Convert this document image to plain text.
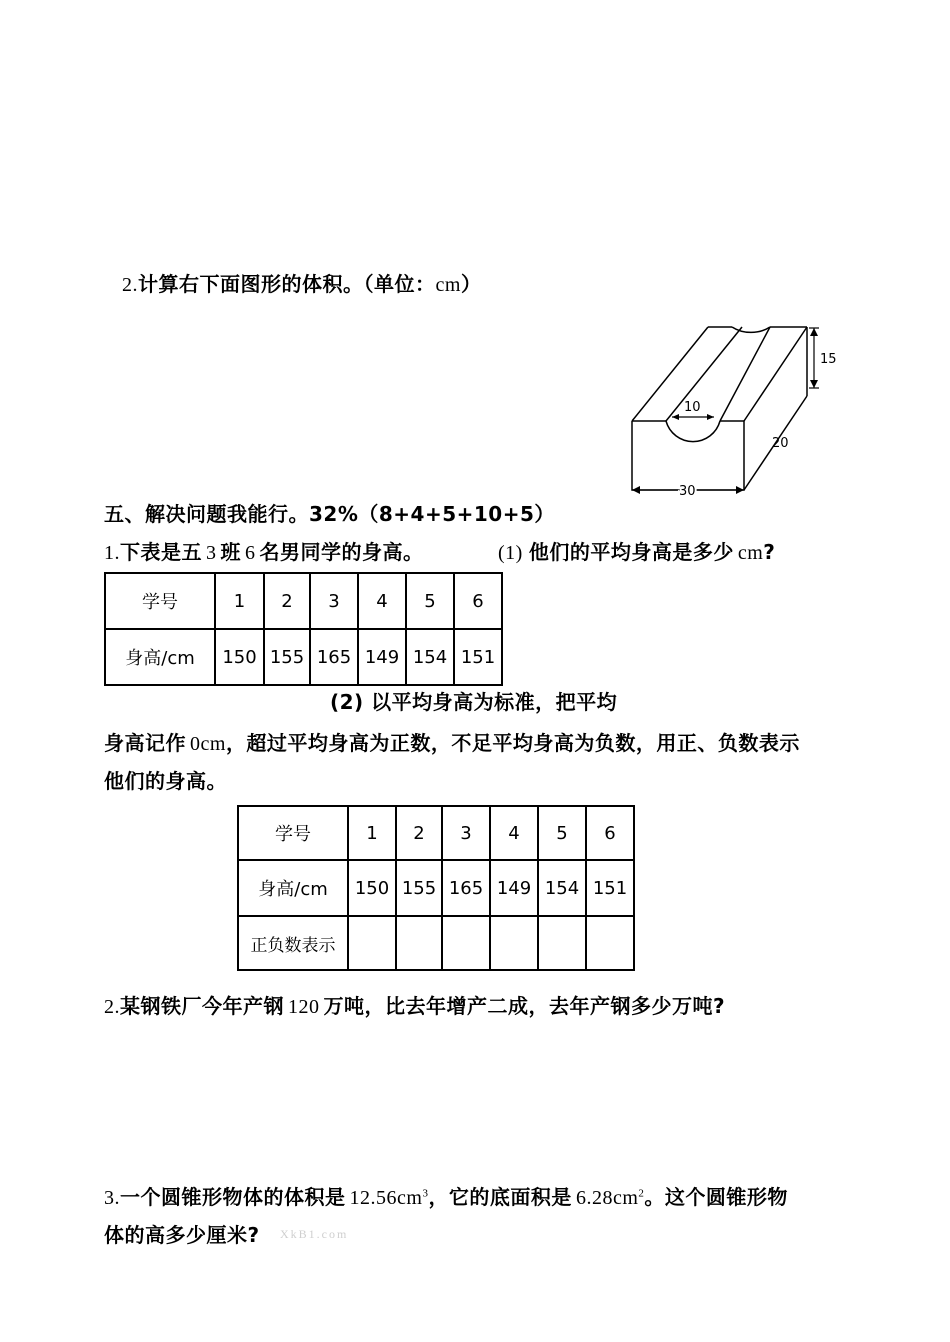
2.计算右下面图形的体积。（单位：cm）
15
10
20
30
五、解决问题我能行。32%（8+4+5+10+5）
1.下表是五 3 班 6 名男同学的身高。	(1) 他们的平均身高是多少 cm?
学号	1	2	3	4	5	6
身高/cm	150	155	165	149	154	151
(2) 以平均身高为标准，把平均
身高记作 0cm，超过平均身高为正数，不足平均身高为负数，用正、负数表示
他们的身高。
学号	1	2	3	4	5	6
身高/cm	150	155	165	149	154	151
正负数表示						
2.某钢铁厂今年产钢 120 万吨，比去年增产二成，去年产钢多少万吨?
3.一个圆锥形物体的体积是 $12.56cm^3$，它的底面积是 $6.28cm^2$。这个圆锥形物
体的高多少厘米? XkB1.com
